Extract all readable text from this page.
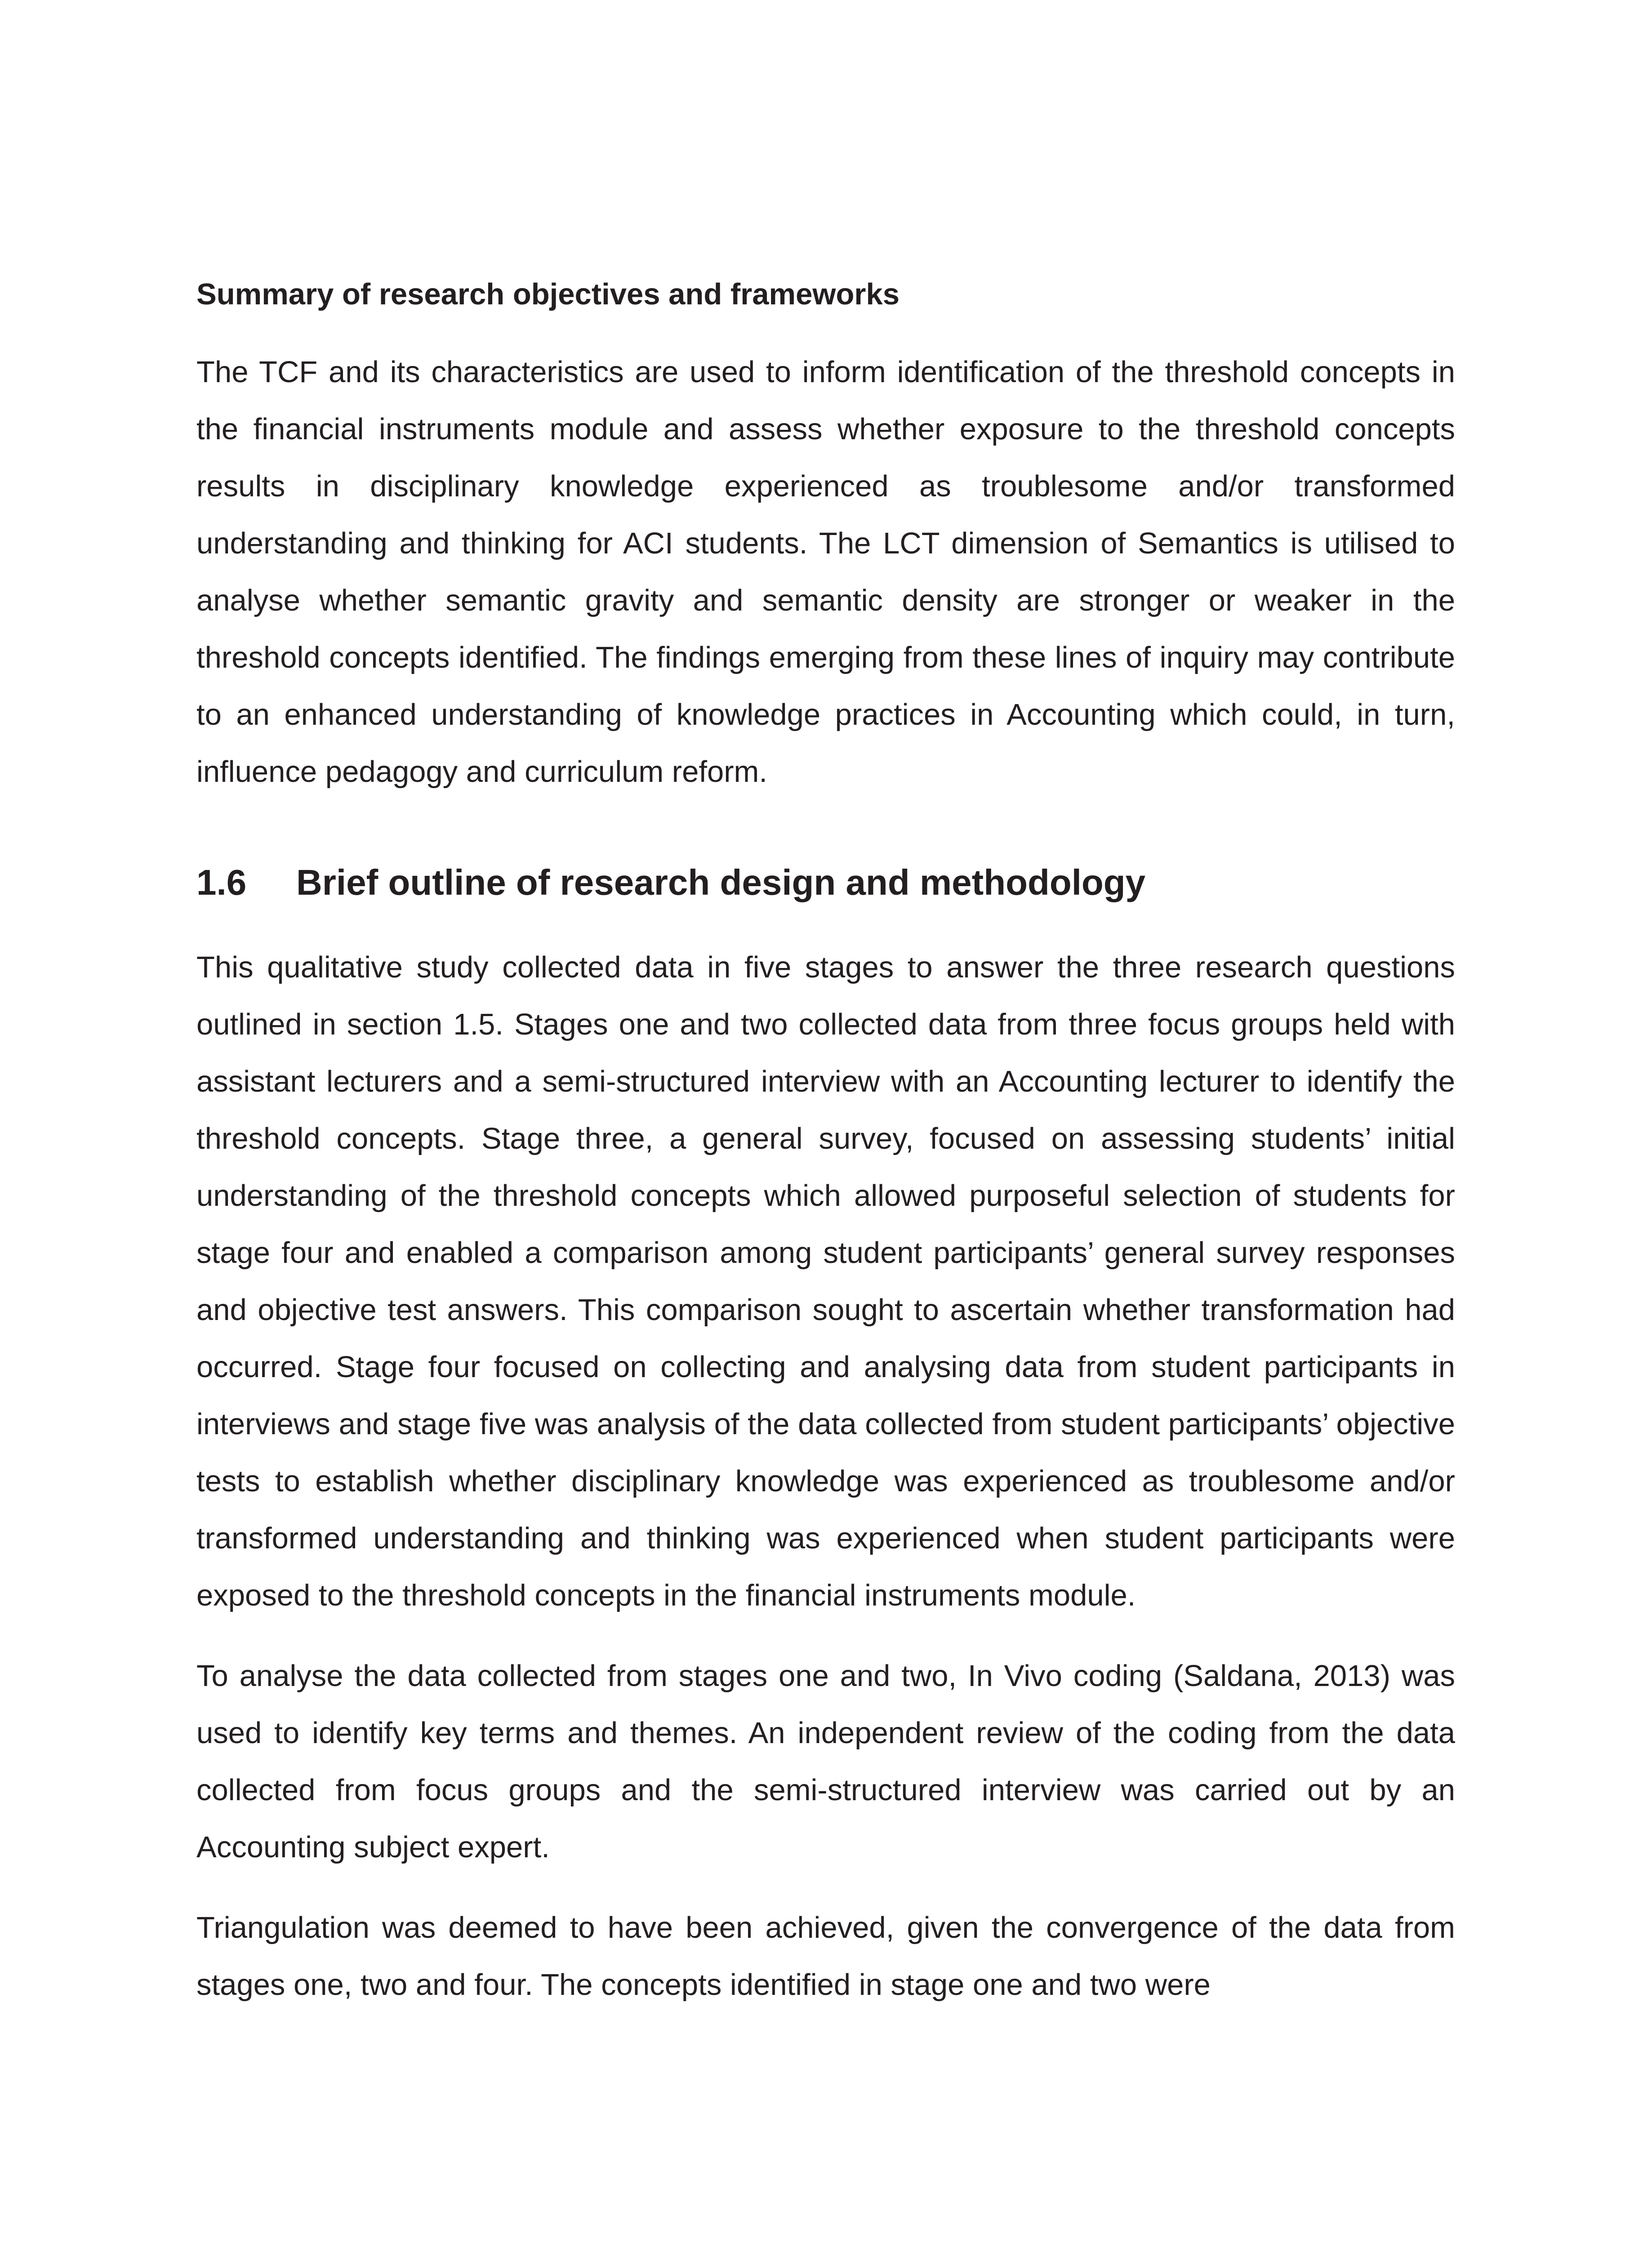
Summary of research objectives and frameworks

The TCF and its characteristics are used to inform identification of the threshold concepts in the financial instruments module and assess whether exposure to the threshold concepts results in disciplinary knowledge experienced as troublesome and/or transformed understanding and thinking for ACI students. The LCT dimension of Semantics is utilised to analyse whether semantic gravity and semantic density are stronger or weaker in the threshold concepts identified. The findings emerging from these lines of inquiry may contribute to an enhanced understanding of knowledge practices in Accounting which could, in turn, influence pedagogy and curriculum reform.

1.6	Brief outline of research design and methodology

This qualitative study collected data in five stages to answer the three research questions outlined in section 1.5. Stages one and two collected data from three focus groups held with assistant lecturers and a semi-structured interview with an Accounting lecturer to identify the threshold concepts. Stage three, a general survey, focused on assessing students’ initial understanding of the threshold concepts which allowed purposeful selection of students for stage four and enabled a comparison among student participants’ general survey responses and objective test answers. This comparison sought to ascertain whether transformation had occurred. Stage four focused on collecting and analysing data from student participants in interviews and stage five was analysis of the data collected from student participants’ objective tests to establish whether disciplinary knowledge was experienced as troublesome and/or transformed understanding and thinking was experienced when student participants were exposed to the threshold concepts in the financial instruments module.

To analyse the data collected from stages one and two, In Vivo coding (Saldana, 2013) was used to identify key terms and themes. An independent review of the coding from the data collected from focus groups and the semi-structured interview was carried out by an Accounting subject expert.

Triangulation was deemed to have been achieved, given the convergence of the data from stages one, two and four. The concepts identified in stage one and two were
